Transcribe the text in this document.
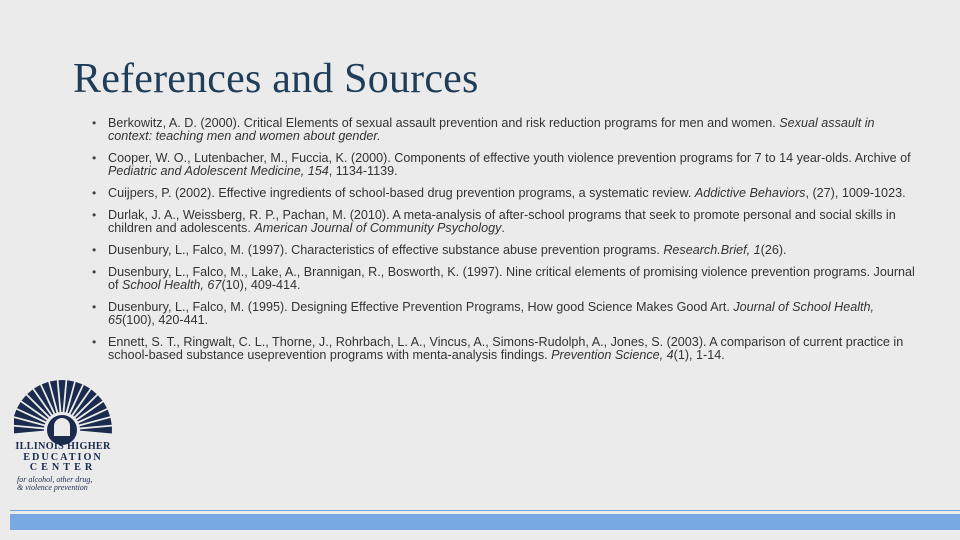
References and Sources
• Berkowitz, A. D. (2000). Critical Elements of sexual assault prevention and risk reduction programs for men and women. Sexual assault in context: teaching men and women about gender.
• Cooper, W. O., Lutenbacher, M., Fuccia, K. (2000). Components of effective youth violence prevention programs for 7 to 14 year-olds. Archive of Pediatric and Adolescent Medicine, 154, 1134-1139.
• Cuijpers, P. (2002). Effective ingredients of school-based drug prevention programs, a systematic review. Addictive Behaviors, (27), 1009-1023.
• Durlak, J. A., Weissberg, R. P., Pachan, M. (2010). A meta-analysis of after-school programs that seek to promote personal and social skills in children and adolescents. American Journal of Community Psychology.
• Dusenbury, L., Falco, M. (1997). Characteristics of effective substance abuse prevention programs. Research.Brief, 1(26).
• Dusenbury, L., Falco, M., Lake, A., Brannigan, R., Bosworth, K. (1997). Nine critical elements of promising violence prevention programs. Journal of School Health, 67(10), 409-414.
• Dusenbury, L., Falco, M. (1995). Designing Effective Prevention Programs, How good Science Makes Good Art. Journal of School Health, 65(100), 420-441.
• Ennett, S. T., Ringwalt, C. L., Thorne, J., Rohrbach, L. A., Vincus, A., Simons-Rudolph, A., Jones, S. (2003). A comparison of current practice in school-based substance useprevention programs with menta-analysis findings. Prevention Science, 4(1), 1-14.
ILLINOIS HIGHER
EDUCATION
CENTER
for alcohol, other drug,
& violence prevention
